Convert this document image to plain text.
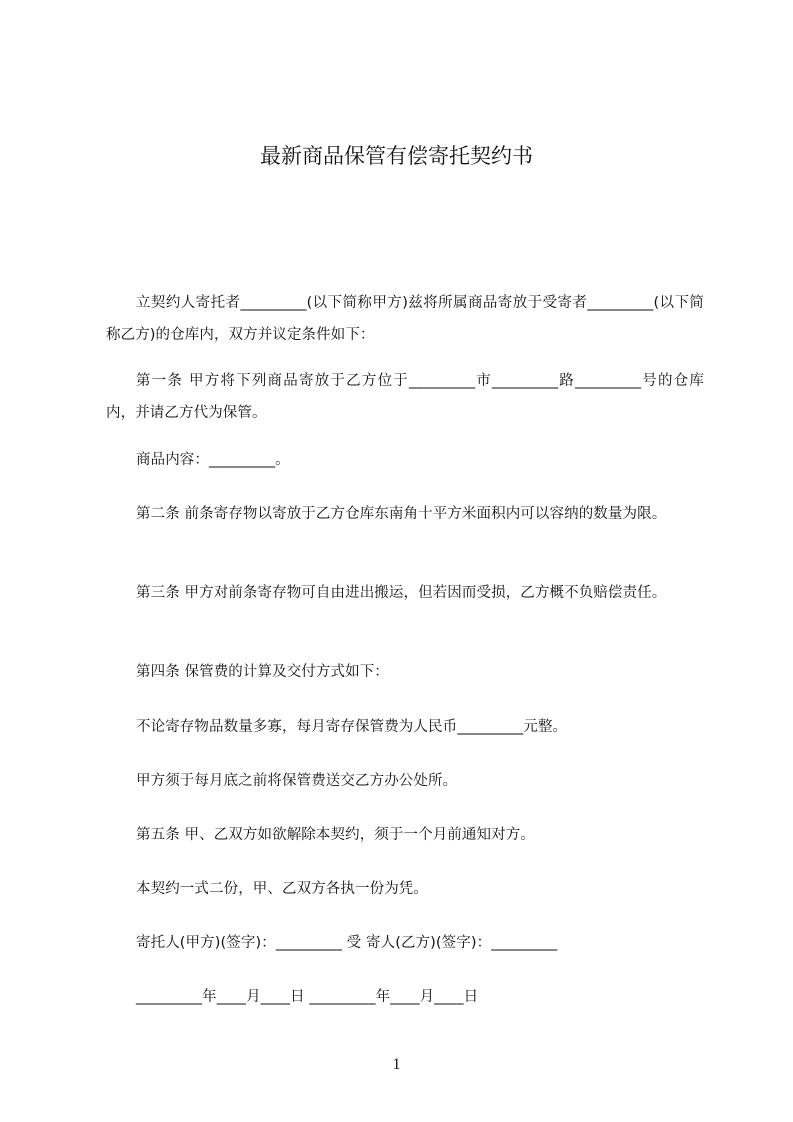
最新商品保管有偿寄托契约书

立契约人寄托者_________(以下简称甲方)兹将所属商品寄放于受寄者_________(以下简称乙方)的仓库内，双方并议定条件如下：

第一条 甲方将下列商品寄放于乙方位于_________市_________路_________号的仓库内，并请乙方代为保管。

商品内容：_________。

第二条 前条寄存物以寄放于乙方仓库东南角十平方米面积内可以容纳的数量为限。

第三条 甲方对前条寄存物可自由进出搬运，但若因而受损，乙方概不负赔偿责任。

第四条 保管费的计算及交付方式如下：

不论寄存物品数量多寡，每月寄存保管费为人民币_________元整。

甲方须于每月底之前将保管费送交乙方办公处所。

第五条 甲、乙双方如欲解除本契约，须于一个月前通知对方。

本契约一式二份，甲、乙双方各执一份为凭。

寄托人(甲方)(签字)：_________ 受 寄人(乙方)(签字)：_________

_________年____月____日 _________年____月____日

1
